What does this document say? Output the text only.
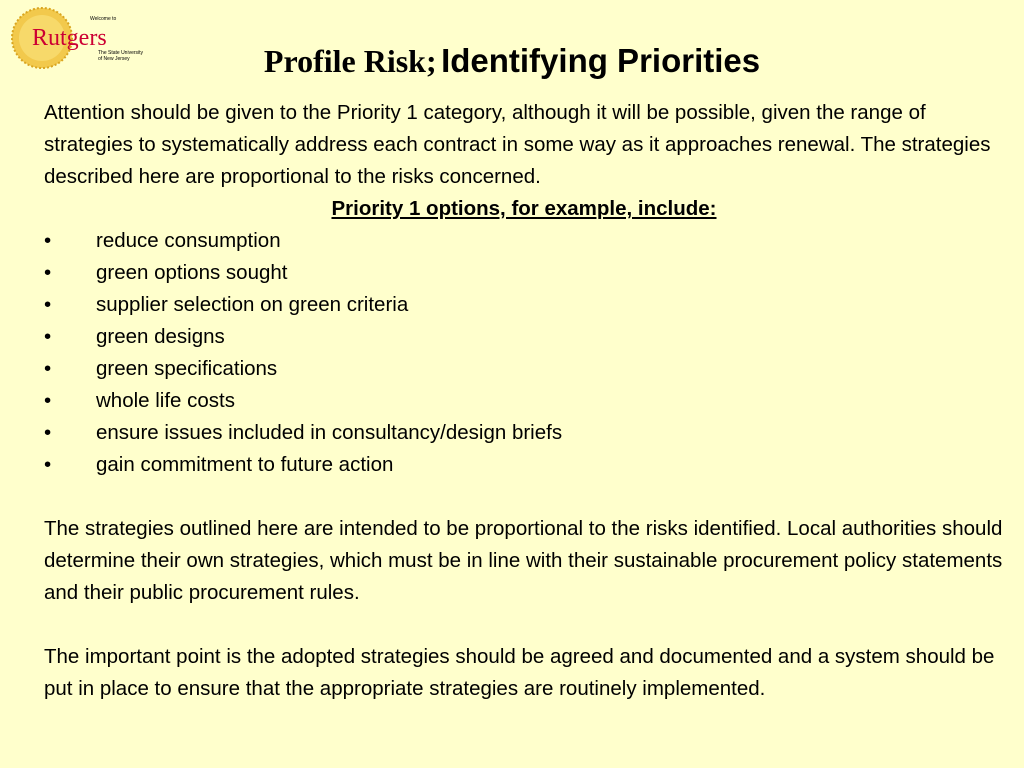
Welcome to
Rutgers
The State University
of New Jersey	Profile Risk; Identifying Priorities

Attention should be given to the Priority 1 category, although it will be possible, given the range of strategies to systematically address each contract in some way as it approaches renewal. The strategies described here are proportional to the risks concerned.

Priority 1 options, for example, include:

•	reduce consumption
•	green options sought
•	supplier selection on green criteria
•	green designs
•	green specifications
•	whole life costs
•	ensure issues included in consultancy/design briefs
•	gain commitment to future action

The strategies outlined here are intended to be proportional to the risks identified. Local authorities should determine their own strategies, which must be in line with their sustainable procurement policy statements and their public procurement rules.

The important point is the adopted strategies should be agreed and documented and a system should be put in place to ensure that the appropriate strategies are routinely implemented.
